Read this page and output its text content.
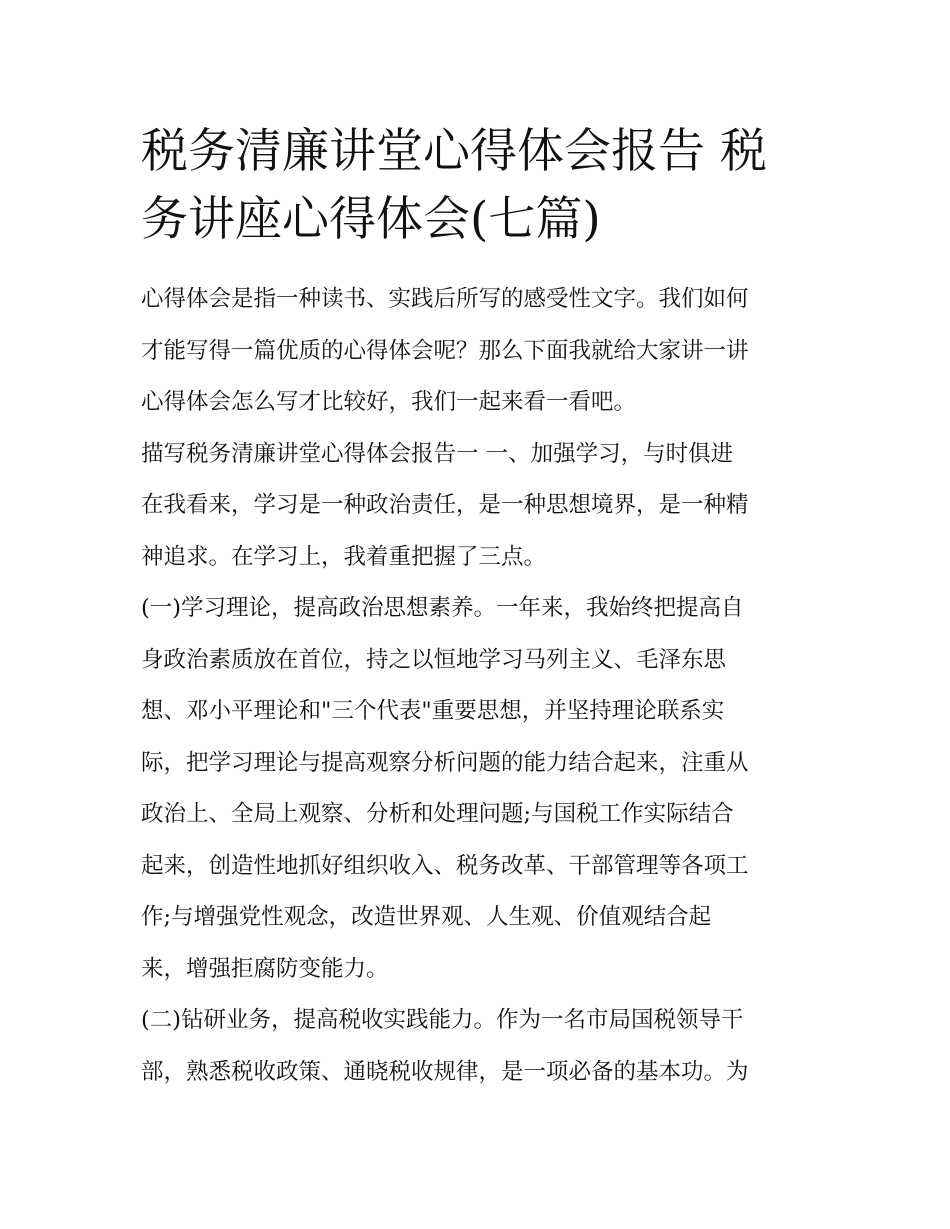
税务清廉讲堂心得体会报告 税
务讲座心得体会(七篇)
心得体会是指一种读书、实践后所写的感受性文字。我们如何
才能写得一篇优质的心得体会呢？那么下面我就给大家讲一讲
心得体会怎么写才比较好，我们一起来看一看吧。
描写税务清廉讲堂心得体会报告一 一、加强学习，与时俱进
在我看来，学习是一种政治责任，是一种思想境界，是一种精
神追求。在学习上，我着重把握了三点。
(一)学习理论，提高政治思想素养。一年来，我始终把提高自
身政治素质放在首位，持之以恒地学习马列主义、毛泽东思
想、邓小平理论和"三个代表"重要思想，并坚持理论联系实
际，把学习理论与提高观察分析问题的能力结合起来，注重从
政治上、全局上观察、分析和处理问题;与国税工作实际结合
起来，创造性地抓好组织收入、税务改革、干部管理等各项工
作;与增强党性观念，改造世界观、人生观、价值观结合起
来，增强拒腐防变能力。
(二)钻研业务，提高税收实践能力。作为一名市局国税领导干
部，熟悉税收政策、通晓税收规律，是一项必备的基本功。为
